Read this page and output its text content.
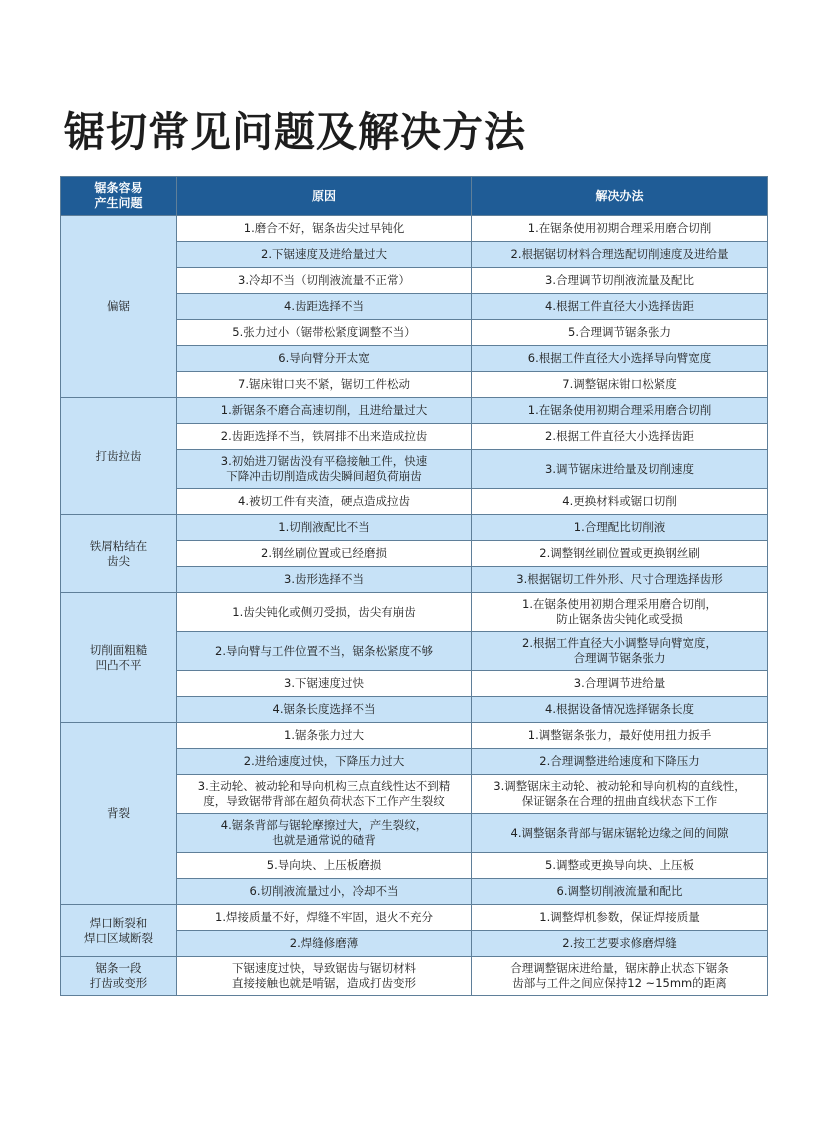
锯切常见问题及解决方法
锯条容易
产生问题	原因	解决办法

偏锯	1.磨合不好，锯条齿尖过早钝化	1.在锯条使用初期合理采用磨合切削

	2.下锯速度及进给量过大	2.根据锯切材料合理选配切削速度及进给量

	3.冷却不当（切削液流量不正常）	3.合理调节切削液流量及配比

	4.齿距选择不当	4.根据工件直径大小选择齿距

	5.张力过小（锯带松紧度调整不当）	5.合理调节锯条张力

	6.导向臂分开太宽	6.根据工件直径大小选择导向臂宽度

	7.锯床钳口夹不紧，锯切工件松动	7.调整锯床钳口松紧度

打齿拉齿	1.新锯条不磨合高速切削，且进给量过大	1.在锯条使用初期合理采用磨合切削

	2.齿距选择不当，铁屑排不出来造成拉齿	2.根据工件直径大小选择齿距

	3.初始进刀锯齿没有平稳接触工件，快速
下降冲击切削造成齿尖瞬间超负荷崩齿	3.调节锯床进给量及切削速度

	4.被切工件有夹渣，硬点造成拉齿	4.更换材料或锯口切削

铁屑粘结在
齿尖	1.切削液配比不当	1.合理配比切削液

	2.钢丝刷位置或已经磨损	2.调整钢丝刷位置或更换钢丝刷

	3.齿形选择不当	3.根据锯切工件外形、尺寸合理选择齿形

切削面粗糙
凹凸不平	1.齿尖钝化或侧刃受损，齿尖有崩齿	1.在锯条使用初期合理采用磨合切削，
防止锯条齿尖钝化或受损

	2.导向臂与工件位置不当，锯条松紧度不够	2.根据工件直径大小调整导向臂宽度，
合理调节锯条张力

	3.下锯速度过快	3.合理调节进给量

	4.锯条长度选择不当	4.根据设备情况选择锯条长度

背裂	1.锯条张力过大	1.调整锯条张力，最好使用扭力扳手

	2.进给速度过快，下降压力过大	2.合理调整进给速度和下降压力

	3.主动轮、被动轮和导向机构三点直线性达不到精
度，导致锯带背部在超负荷状态下工作产生裂纹	3.调整锯床主动轮、被动轮和导向机构的直线性，
保证锯条在合理的扭曲直线状态下工作

	4.锯条背部与锯轮摩擦过大，产生裂纹，
也就是通常说的碴背	4.调整锯条背部与锯床锯轮边缘之间的间隙

	5.导向块、上压板磨损	5.调整或更换导向块、上压板

	6.切削液流量过小，冷却不当	6.调整切削液流量和配比

焊口断裂和
焊口区域断裂	1.焊接质量不好，焊缝不牢固，退火不充分	1.调整焊机参数，保证焊接质量

	2.焊缝修磨薄	2.按工艺要求修磨焊缝

锯条一段
打齿或变形	下锯速度过快，导致锯齿与锯切材料
直接接触也就是啃锯，造成打齿变形	合理调整锯床进给量，锯床静止状态下锯条
齿部与工件之间应保持12 ~15mm的距离
